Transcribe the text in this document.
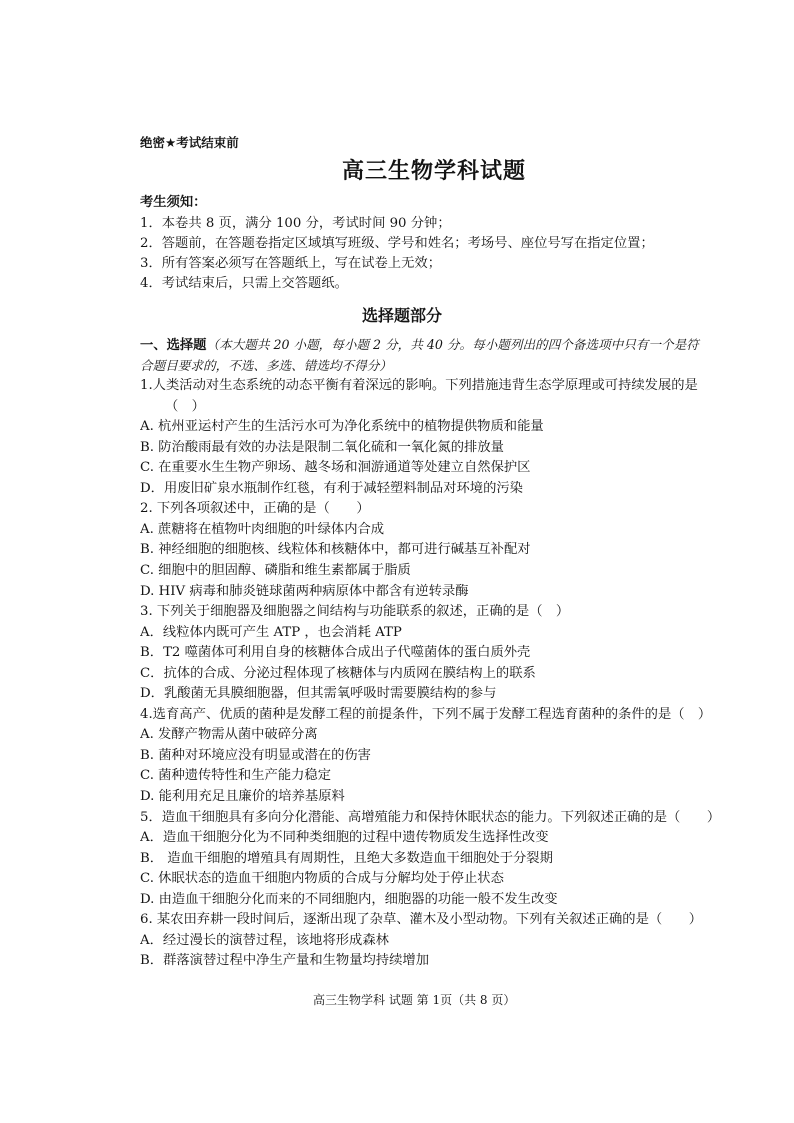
绝密★考试结束前
高三生物学科试题
考生须知：
1．本卷共 8 页，满分 100 分，考试时间 90 分钟；
2．答题前，在答题卷指定区域填写班级、学号和姓名；考场号、座位号写在指定位置；
3．所有答案必须写在答题纸上，写在试卷上无效；
4．考试结束后，只需上交答题纸。
选择题部分
一、选择题（本大题共 20 小题，每小题 2 分，共 40 分。每小题列出的四个备选项中只有一个是符
合题目要求的，不选、多选、错选均不得分）
1.人类活动对生态系统的动态平衡有着深远的影响。下列措施违背生态学原理或可持续发展的是
（　）
A. 杭州亚运村产生的生活污水可为净化系统中的植物提供物质和能量
B. 防治酸雨最有效的办法是限制二氧化硫和一氧化氮的排放量
C. 在重要水生生物产卵场、越冬场和洄游通道等处建立自然保护区
D．用废旧矿泉水瓶制作红毯，有利于减轻塑料制品对环境的污染
2. 下列各项叙述中，正确的是（　　）
A. 蔗糖将在植物叶肉细胞的叶绿体内合成
B. 神经细胞的细胞核、线粒体和核糖体中，都可进行碱基互补配对
C. 细胞中的胆固醇、磷脂和维生素都属于脂质
D. HIV 病毒和肺炎链球菌两种病原体中都含有逆转录酶
3. 下列关于细胞器及细胞器之间结构与功能联系的叙述，正确的是（　）
A．线粒体内既可产生 ATP ，也会消耗 ATP
B．T2 噬菌体可利用自身的核糖体合成出子代噬菌体的蛋白质外壳
C．抗体的合成、分泌过程体现了核糖体与内质网在膜结构上的联系
D．乳酸菌无具膜细胞器，但其需氧呼吸时需要膜结构的参与
4.选育高产、优质的菌种是发酵工程的前提条件，下列不属于发酵工程选育菌种的条件的是（　）
A. 发酵产物需从菌中破碎分离
B. 菌种对环境应没有明显或潜在的伤害
C. 菌种遗传特性和生产能力稳定
D. 能利用充足且廉价的培养基原料
5．造血干细胞具有多向分化潜能、高增殖能力和保持休眠状态的能力。下列叙述正确的是（　　）
A．造血干细胞分化为不同种类细胞的过程中遗传物质发生选择性改变
B． 造血干细胞的增殖具有周期性，且绝大多数造血干细胞处于分裂期
C. 休眠状态的造血干细胞内物质的合成与分解均处于停止状态
D. 由造血干细胞分化而来的不同细胞内，细胞器的功能一般不发生改变
6. 某农田弃耕一段时间后，逐渐出现了杂草、灌木及小型动物。下列有关叙述正确的是（　　）
A．经过漫长的演替过程，该地将形成森林
B．群落演替过程中净生产量和生物量均持续增加
高三生物学科 试题 第 1页（共 8 页）
